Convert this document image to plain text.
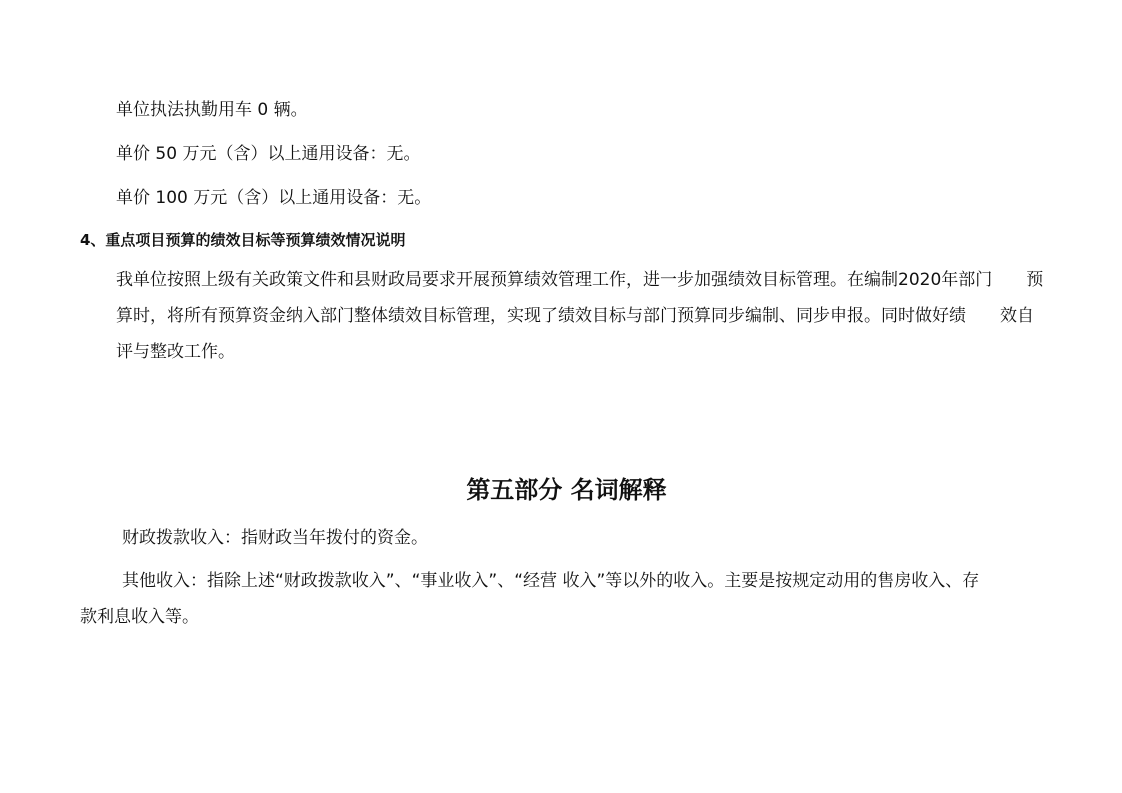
单位执法执勤用车 0 辆。
单价 50 万元（含）以上通用设备：无。
单价 100 万元（含）以上通用设备：无。
4、重点项目预算的绩效目标等预算绩效情况说明
我单位按照上级有关政策文件和县财政局要求开展预算绩效管理工作，进一步加强绩效目标管理。在编制2020年部门　　预
算时，将所有预算资金纳入部门整体绩效目标管理，实现了绩效目标与部门预算同步编制、同步申报。同时做好绩　　效自
评与整改工作。
第五部分 名词解释
财政拨款收入：指财政当年拨付的资金。
其他收入：指除上述“财政拨款收入”、“事业收入”、“经营 收入”等以外的收入。主要是按规定动用的售房收入、存
款利息收入等。
